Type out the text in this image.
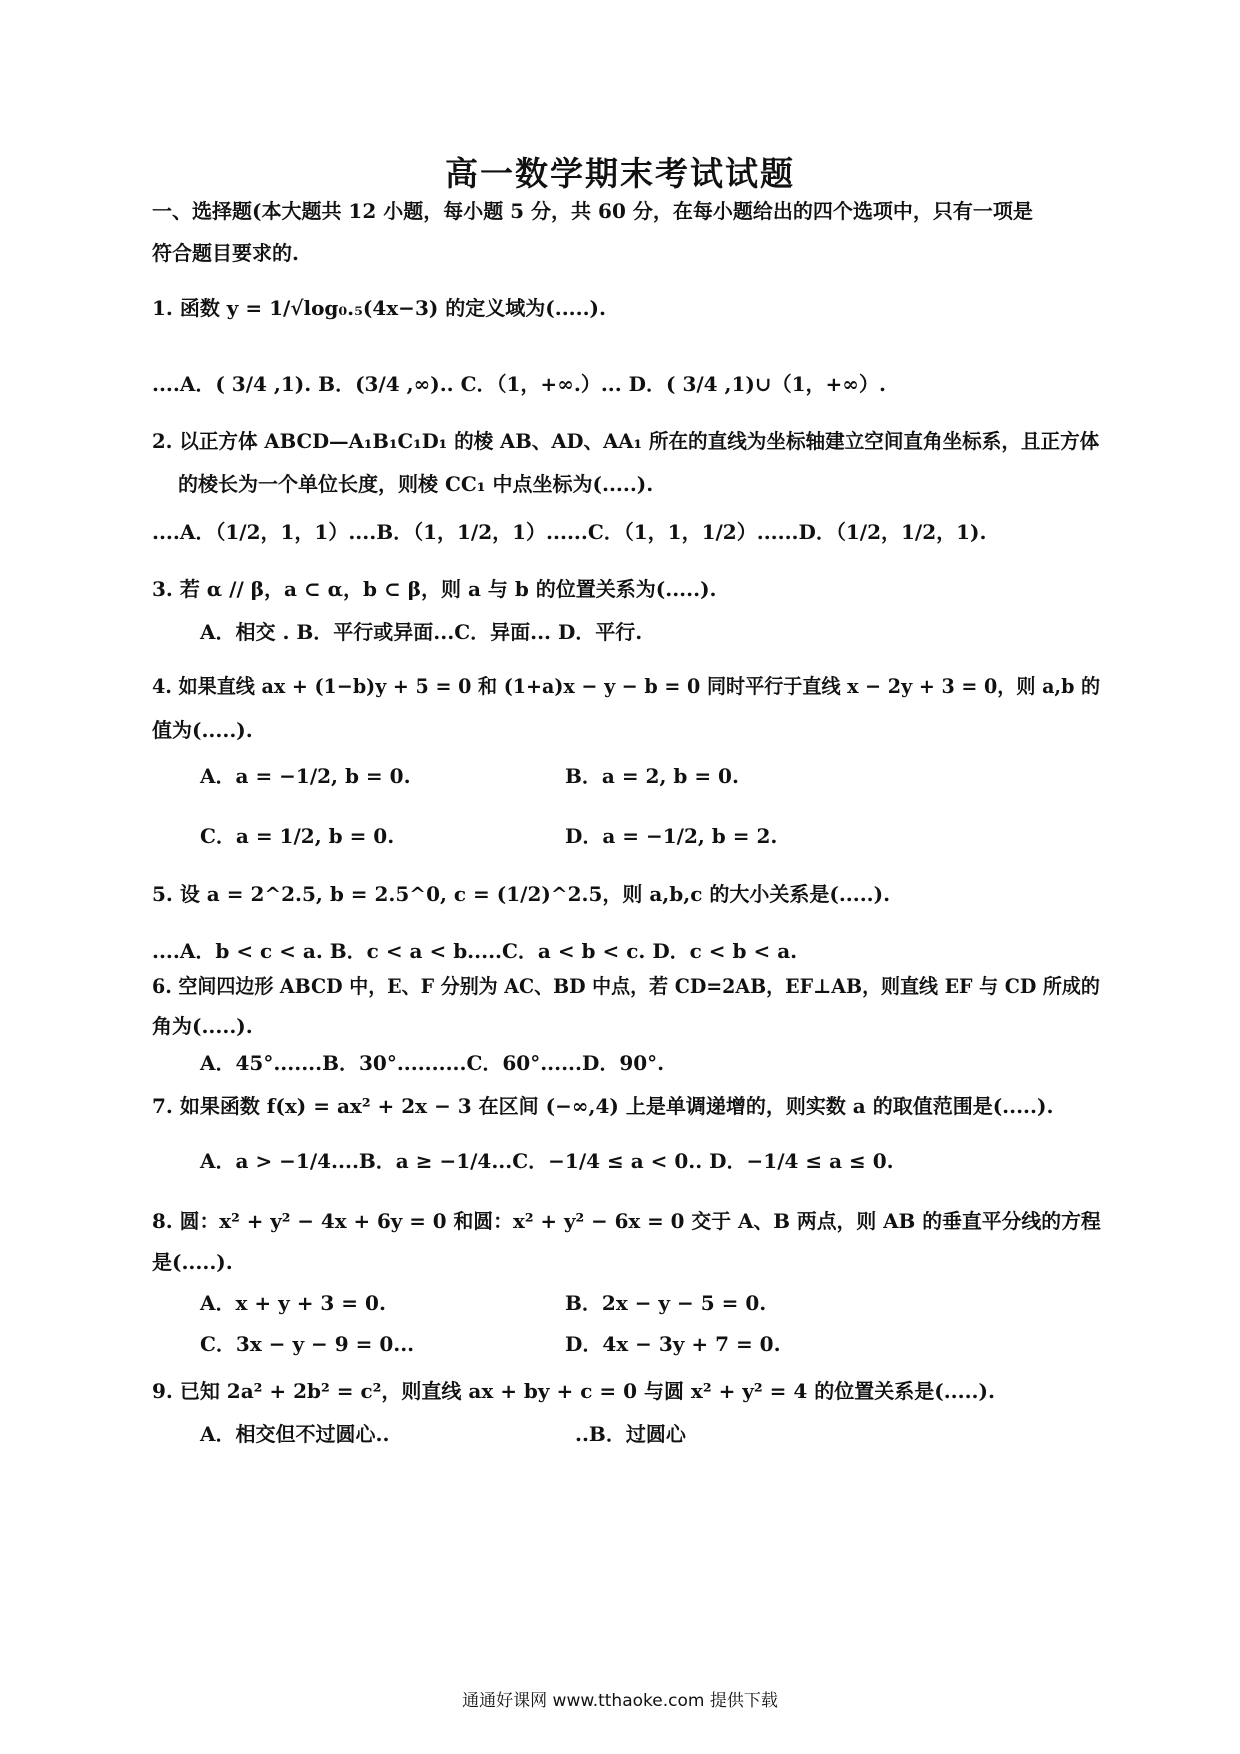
高一数学期末考试试题
一、选择题(本大题共 12 小题，每小题 5 分，共 60 分，在每小题给出的四个选项中，只有一项是
符合题目要求的.
1. 函数 y = 1/√log₀.₅(4x−3) 的定义域为(.....).
....A．( 3/4 ,1). B．(3/4 ,∞).. C．（1，+∞.）... D．( 3/4 ,1)∪（1，+∞）.
2. 以正方体 ABCD—A₁B₁C₁D₁ 的棱 AB、AD、AA₁ 所在的直线为坐标轴建立空间直角坐标系，且正方体
的棱长为一个单位长度，则棱 CC₁ 中点坐标为(.....).
....A．（1/2，1，1）....B．（1，1/2，1）......C．（1，1，1/2）......D．（1/2，1/2，1).
3. 若 α // β，a ⊂ α，b ⊂ β，则 a 与 b 的位置关系为(.....).
A．相交 . B．平行或异面...C．异面... D．平行.
4. 如果直线 ax + (1−b)y + 5 = 0 和 (1+a)x − y − b = 0 同时平行于直线 x − 2y + 3 = 0，则 a,b 的
值为(.....).
A．a = −1/2, b = 0.	B．a = 2, b = 0.
C．a = 1/2, b = 0.	D．a = −1/2, b = 2.
5. 设 a = 2^2.5, b = 2.5^0, c = (1/2)^2.5，则 a,b,c 的大小关系是(.....).
....A．b < c < a. B．c < a < b.....C．a < b < c. D．c < b < a.
6. 空间四边形 ABCD 中，E、F 分别为 AC、BD 中点，若 CD=2AB，EF⊥AB，则直线 EF 与 CD 所成的
角为(.....).
A．45°.......B．30°..........C．60°......D．90°.
7. 如果函数 f(x) = ax² + 2x − 3 在区间 (−∞,4) 上是单调递增的，则实数 a 的取值范围是(.....).
A．a > −1/4....B．a ≥ −1/4...C．−1/4 ≤ a < 0.. D．−1/4 ≤ a ≤ 0.
8. 圆：x² + y² − 4x + 6y = 0 和圆：x² + y² − 6x = 0 交于 A、B 两点，则 AB 的垂直平分线的方程
是(.....).
A．x + y + 3 = 0.	B．2x − y − 5 = 0.
C．3x − y − 9 = 0...	D．4x − 3y + 7 = 0.
9. 已知 2a² + 2b² = c²，则直线 ax + by + c = 0 与圆 x² + y² = 4 的位置关系是(.....).
A．相交但不过圆心..	..B．过圆心
通通好课网 www.tthaoke.com 提供下载
